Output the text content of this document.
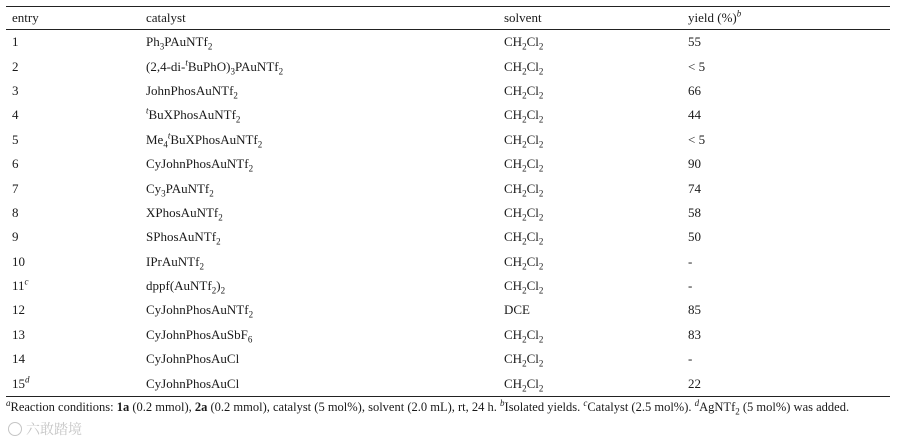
entry	catalyst	solvent	yield (%)$^b$
1	$Ph_3PAuNTf_2$	$CH_2Cl_2$	55
2	$(2,4-di-^tBuPhO)_3PAuNTf_2$	$CH_2Cl_2$	< 5
3	JohnPhosAuNTf$_2$	$CH_2Cl_2$	66
4	$^t$BuXPhosAuNTf$_2$	$CH_2Cl_2$	44
5	$Me_4^tBuXPhosAuNTf_2$	$CH_2Cl_2$	< 5
6	CyJohnPhosAuNTf$_2$	$CH_2Cl_2$	90
7	$Cy_3PAuNTf_2$	$CH_2Cl_2$	74
8	XPhosAuNTf$_2$	$CH_2Cl_2$	58
9	SPhosAuNTf$_2$	$CH_2Cl_2$	50
10	IPrAuNTf$_2$	$CH_2Cl_2$	-
11$^c$	$dppf(AuNTf_2)_2$	$CH_2Cl_2$	-
12	CyJohnPhosAuNTf$_2$	DCE	85
13	CyJohnPhosAuSbF$_6$	$CH_2Cl_2$	83
14	CyJohnPhosAuCl	$CH_2Cl_2$	-
15$^d$	CyJohnPhosAuCl	$CH_2Cl_2$	22
$^a$Reaction conditions: 1a (0.2 mmol), 2a (0.2 mmol), catalyst (5 mol%), solvent (2.0 mL), rt, 24 h. $^b$Isolated yields. $^c$Catalyst (2.5 mol%). $^d$AgNTf$_2$ (5 mol%) was added.
六敢踏境
